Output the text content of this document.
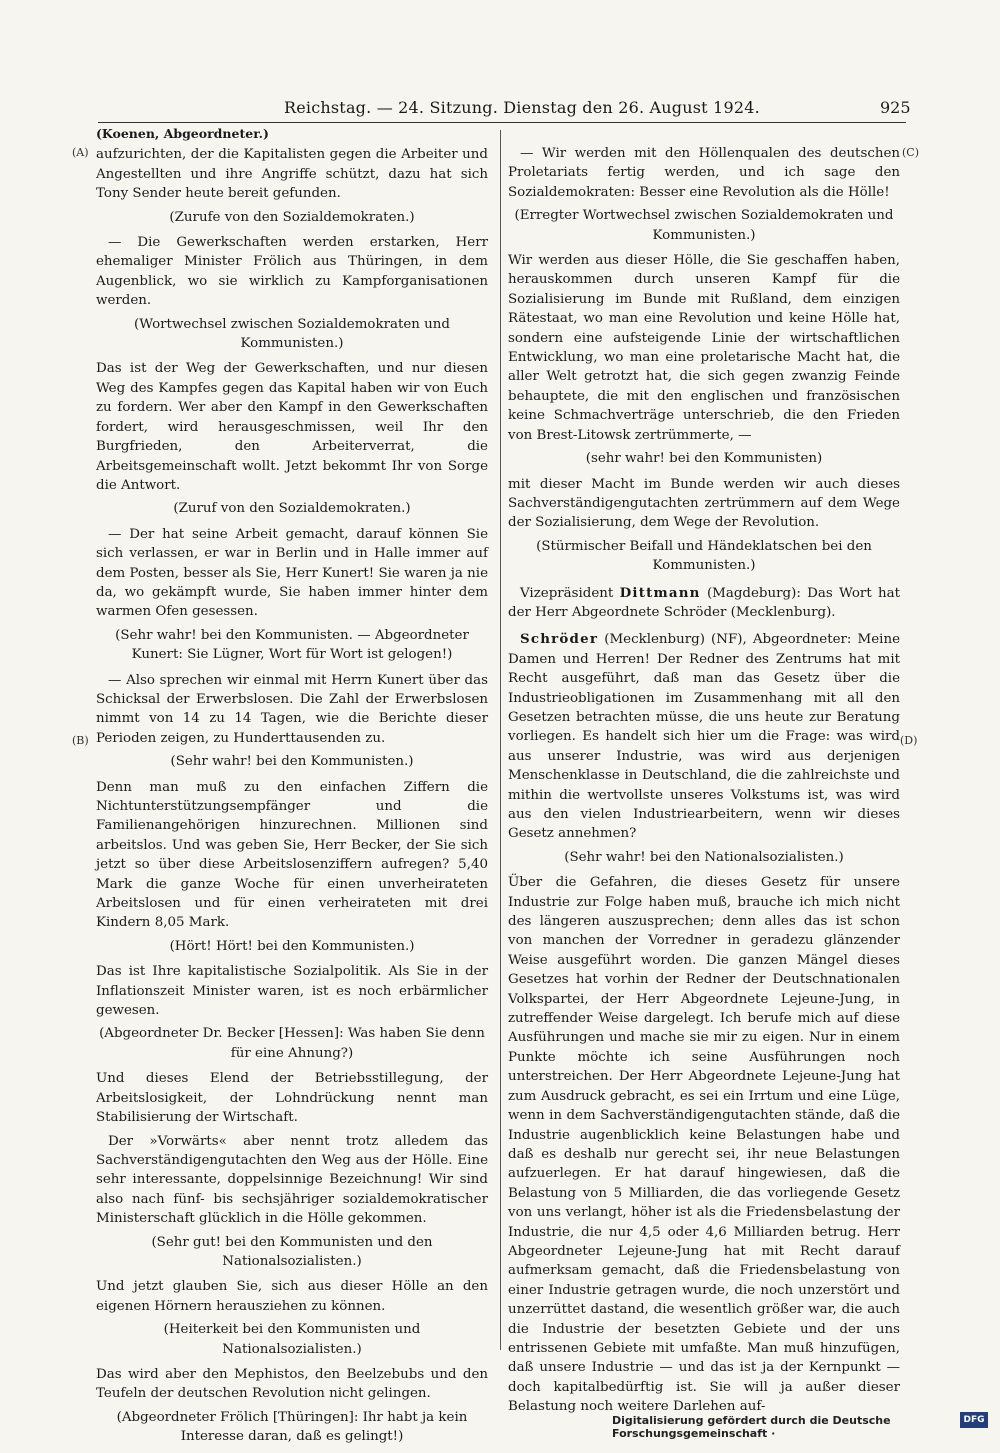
Reichstag. — 24. Sitzung. Dienstag den 26. August 1924.	925
(A)
(B)
(C)
(D)
(Koenen, Abgeordneter.)

aufzurichten, der die Kapitalisten gegen die Arbeiter und Angestellten und ihre Angriffe schützt, dazu hat sich Tony Sender heute bereit gefunden.

(Zurufe von den Sozialdemokraten.)

— Die Gewerkschaften werden erstarken, Herr ehemaliger Minister Frölich aus Thüringen, in dem Augenblick, wo sie wirklich zu Kampforganisationen werden.

(Wortwechsel zwischen Sozialdemokraten und Kommunisten.)

Das ist der Weg der Gewerkschaften, und nur diesen Weg des Kampfes gegen das Kapital haben wir von Euch zu fordern. Wer aber den Kampf in den Gewerkschaften fordert, wird herausgeschmissen, weil Ihr den Burgfrieden, den Arbeiterverrat, die Arbeitsgemeinschaft wollt. Jetzt bekommt Ihr von Sorge die Antwort.

(Zuruf von den Sozialdemokraten.)

— Der hat seine Arbeit gemacht, darauf können Sie sich verlassen, er war in Berlin und in Halle immer auf dem Posten, besser als Sie, Herr Kunert! Sie waren ja nie da, wo gekämpft wurde, Sie haben immer hinter dem warmen Ofen gesessen.

(Sehr wahr! bei den Kommunisten. — Abgeordneter Kunert: Sie Lügner, Wort für Wort ist gelogen!)

— Also sprechen wir einmal mit Herrn Kunert über das Schicksal der Erwerbslosen. Die Zahl der Erwerbslosen nimmt von 14 zu 14 Tagen, wie die Berichte dieser Perioden zeigen, zu Hunderttausenden zu.

(Sehr wahr! bei den Kommunisten.)

Denn man muß zu den einfachen Ziffern die Nichtunterstützungsempfänger und die Familienangehörigen hinzurechnen. Millionen sind arbeitslos. Und was geben Sie, Herr Becker, der Sie sich jetzt so über diese Arbeitslosenziffern aufregen? 5,40 Mark die ganze Woche für einen unverheirateten Arbeitslosen und für einen verheirateten mit drei Kindern 8,05 Mark.

(Hört! Hört! bei den Kommunisten.)

Das ist Ihre kapitalistische Sozialpolitik. Als Sie in der Inflationszeit Minister waren, ist es noch erbärmlicher gewesen.

(Abgeordneter Dr. Becker [Hessen]: Was haben Sie denn für eine Ahnung?)

Und dieses Elend der Betriebsstillegung, der Arbeitslosigkeit, der Lohndrückung nennt man Stabilisierung der Wirtschaft.

Der »Vorwärts« aber nennt trotz alledem das Sachverständigengutachten den Weg aus der Hölle. Eine sehr interessante, doppelsinnige Bezeichnung! Wir sind also nach fünf- bis sechsjähriger sozialdemokratischer Ministerschaft glücklich in die Hölle gekommen.

(Sehr gut! bei den Kommunisten und den Nationalsozialisten.)

Und jetzt glauben Sie, sich aus dieser Hölle an den eigenen Hörnern herausziehen zu können.

(Heiterkeit bei den Kommunisten und Nationalsozialisten.)

Das wird aber den Mephistos, den Beelzebubs und den Teufeln der deutschen Revolution nicht gelingen.

(Abgeordneter Frölich [Thüringen]: Ihr habt ja kein Interesse daran, daß es gelingt!)

— Wir werden mit den Höllenqualen des deutschen Proletariats fertig werden, und ich sage den Sozialdemokraten: Besser eine Revolution als die Hölle!

(Erregter Wortwechsel zwischen Sozialdemokraten und Kommunisten.)

Wir werden aus dieser Hölle, die Sie geschaffen haben, herauskommen durch unseren Kampf für die Sozialisierung im Bunde mit Rußland, dem einzigen Rätestaat, wo man eine Revolution und keine Hölle hat, sondern eine aufsteigende Linie der wirtschaftlichen Entwicklung, wo man eine proletarische Macht hat, die aller Welt getrotzt hat, die sich gegen zwanzig Feinde behauptete, die mit den englischen und französischen keine Schmachverträge unterschrieb, die den Frieden von Brest-Litowsk zertrümmerte, —

(sehr wahr! bei den Kommunisten)

mit dieser Macht im Bunde werden wir auch dieses Sachverständigengutachten zertrümmern auf dem Wege der Sozialisierung, dem Wege der Revolution.

(Stürmischer Beifall und Händeklatschen bei den Kommunisten.)

Vizepräsident Dittmann (Magdeburg): Das Wort hat der Herr Abgeordnete Schröder (Mecklenburg).

Schröder (Mecklenburg) (NF), Abgeordneter: Meine Damen und Herren! Der Redner des Zentrums hat mit Recht ausgeführt, daß man das Gesetz über die Industrieobligationen im Zusammenhang mit all den Gesetzen betrachten müsse, die uns heute zur Beratung vorliegen. Es handelt sich hier um die Frage: was wird aus unserer Industrie, was wird aus derjenigen Menschenklasse in Deutschland, die die zahlreichste und mithin die wertvollste unseres Volkstums ist, was wird aus den vielen Industriearbeitern, wenn wir dieses Gesetz annehmen?

(Sehr wahr! bei den Nationalsozialisten.)

Über die Gefahren, die dieses Gesetz für unsere Industrie zur Folge haben muß, brauche ich mich nicht des längeren auszusprechen; denn alles das ist schon von manchen der Vorredner in geradezu glänzender Weise ausgeführt worden. Die ganzen Mängel dieses Gesetzes hat vorhin der Redner der Deutschnationalen Volkspartei, der Herr Abgeordnete Lejeune-Jung, in zutreffender Weise dargelegt. Ich berufe mich auf diese Ausführungen und mache sie mir zu eigen. Nur in einem Punkte möchte ich seine Ausführungen noch unterstreichen. Der Herr Abgeordnete Lejeune-Jung hat zum Ausdruck gebracht, es sei ein Irrtum und eine Lüge, wenn in dem Sachverständigengutachten stände, daß die Industrie augenblicklich keine Belastungen habe und daß es deshalb nur gerecht sei, ihr neue Belastungen aufzuerlegen. Er hat darauf hingewiesen, daß die Belastung von 5 Milliarden, die das vorliegende Gesetz von uns verlangt, höher ist als die Friedensbelastung der Industrie, die nur 4,5 oder 4,6 Milliarden betrug. Herr Abgeordneter Lejeune-Jung hat mit Recht darauf aufmerksam gemacht, daß die Friedensbelastung von einer Industrie getragen wurde, die noch unzerstört und unzerrüttet dastand, die wesentlich größer war, die auch die Industrie der besetzten Gebiete und der uns entrissenen Gebiete mit umfaßte. Man muß hinzufügen, daß unsere Industrie — und das ist ja der Kernpunkt — doch kapitalbedürftig ist. Sie will ja außer dieser Belastung noch weitere Darlehen auf-

Digitalisierung gefördert durch die Deutsche Forschungsgemeinschaft ·
DFG
